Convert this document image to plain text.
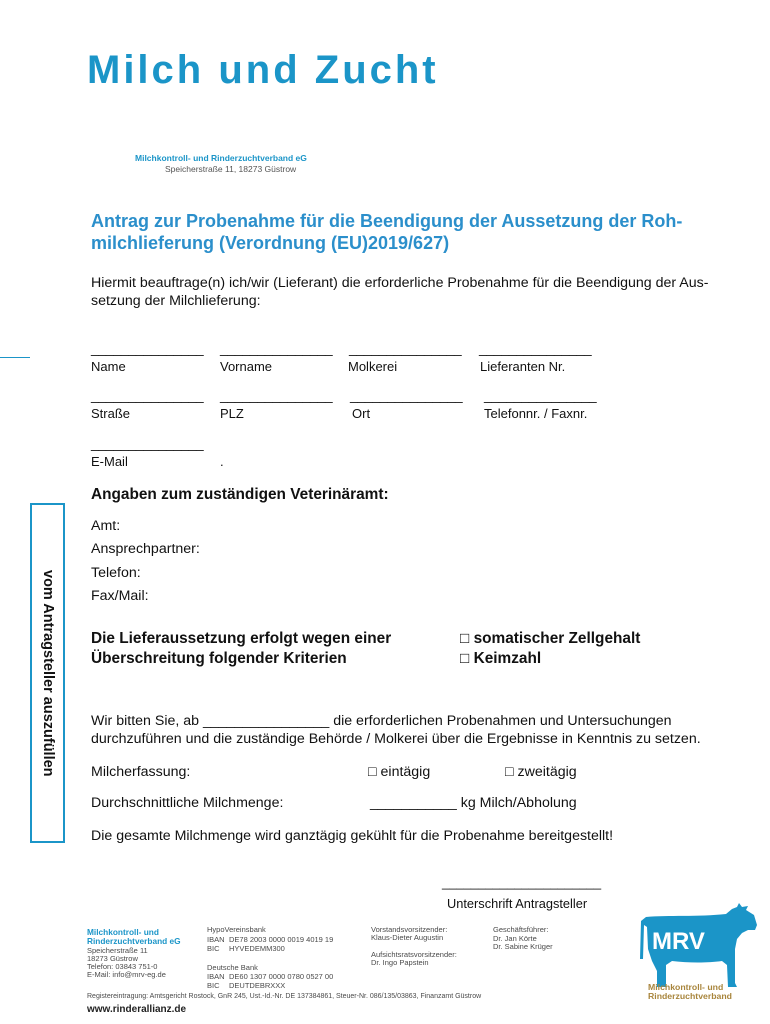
Milch und Zucht
Milchkontroll- und Rinderzuchtverband eG
Speicherstraße 11, 18273 Güstrow
Antrag zur Probenahme für die Beendigung der Aussetzung der Roh-
milchlieferung (Verordnung (EU)2019/627)
Hiermit beauftrage(n) ich/wir (Lieferant) die erforderliche Probenahme für die Beendigung der Aus-
setzung der Milchlieferung:
_______________ _______________ _______________ _______________
Name	Vorname	Molkerei	Lieferanten Nr.
_______________ _______________ _______________ _______________
Straße	PLZ	Ort	Telefonnr. / Faxnr.
_______________
E-Mail	.
Angaben zum zuständigen Veterinäramt:
vom Antragsteller auszufüllen
Amt:
Ansprechpartner:
Telefon:
Fax/Mail:
Die Lieferaussetzung erfolgt wegen einer
Überschreitung folgender Kriterien
□ somatischer Zellgehalt
□ Keimzahl
Wir bitten Sie, ab ________________ die erforderlichen Probenahmen und Untersuchungen
durchzuführen und die zuständige Behörde / Molkerei über die Ergebnisse in Kenntnis zu setzen.
Milcherfassung:	□ eintägig	□ zweitägig
Durchschnittliche Milchmenge:	___________ kg Milch/Abholung
Die gesamte Milchmenge wird ganztägig gekühlt für die Probenahme bereitgestellt!
______________________
Unterschrift Antragsteller
Milchkontroll- und
Rinderzuchtverband eG
Speicherstraße 11
18273 Güstrow
Telefon: 03843 751-0
E-Mail: info@mrv-eg.de
HypoVereinsbank
IBAN DE78 2003 0000 0019 4019 19
BIC HYVEDEMM300
Deutsche Bank
IBAN DE60 1307 0000 0780 0527 00
BIC DEUTDEBRXXX
Vorstandsvorsitzender:
Klaus-Dieter Augustin
Aufsichtsratsvorsitzender:
Dr. Ingo Papstein
Geschäftsführer:
Dr. Jan Körte
Dr. Sabine Krüger	MRV
Milchkontroll- und
Rinderzuchtverband
Registereintragung: Amtsgericht Rostock, GnR 245, Ust.-Id.-Nr. DE 137384861, Steuer-Nr. 086/135/03863, Finanzamt Güstrow
www.rinderallianz.de
